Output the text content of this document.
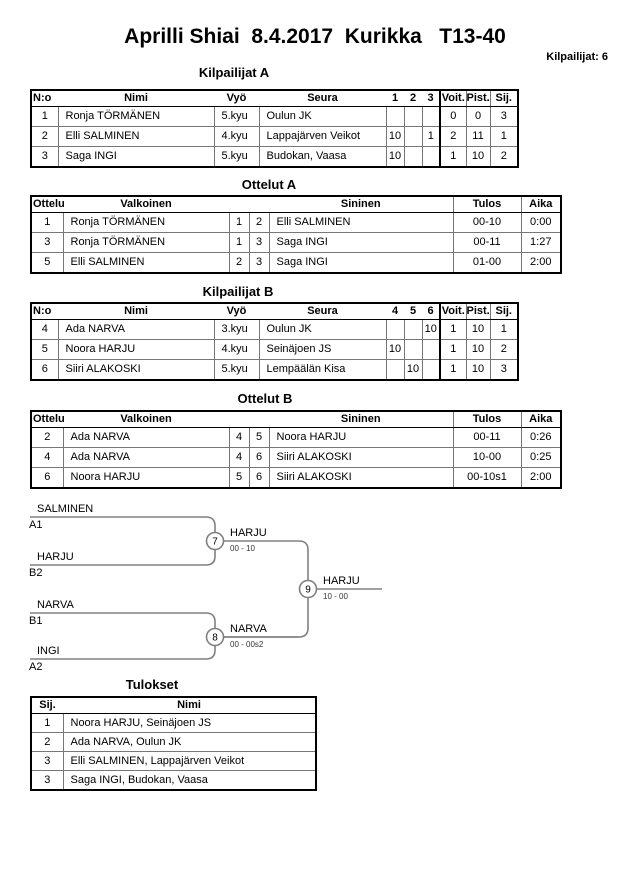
Aprilli Shiai  8.4.2017  Kurikka   T13-40
Kilpailijat: 6
Kilpailijat A
N:o	Nimi	Vyö	Seura	1	2	3	Voit.	Pist.	Sij.
1	Ronja TÖRMÄNEN	5.kyu	Oulun JK				0	0	3
2	Elli SALMINEN	4.kyu	Lappajärven Veikot	10		1	2	11	1
3	Saga INGI	5.kyu	Budokan, Vaasa	10			1	10	2
Ottelut A
Ottelu	Valkoinen			Sininen	Tulos	Aika
1	Ronja TÖRMÄNEN	1	2	Elli SALMINEN	00-10	0:00
3	Ronja TÖRMÄNEN	1	3	Saga INGI	00-11	1:27
5	Elli SALMINEN	2	3	Saga INGI	01-00	2:00
Kilpailijat B
N:o	Nimi	Vyö	Seura	4	5	6	Voit.	Pist.	Sij.
4	Ada NARVA	3.kyu	Oulun JK			10	1	10	1
5	Noora HARJU	4.kyu	Seinäjoen JS	10			1	10	2
6	Siiri ALAKOSKI	5.kyu	Lempäälän Kisa		10		1	10	3
Ottelut B
Ottelu	Valkoinen			Sininen	Tulos	Aika
2	Ada NARVA	4	5	Noora HARJU	00-11	0:26
4	Ada NARVA	4	6	Siiri ALAKOSKI	10-00	0:25
6	Noora HARJU	5	6	Siiri ALAKOSKI	00-10s1	2:00
7
8
9
SALMINEN
A1
HARJU
B2
NARVA
B1
INGI
A2
HARJU
00 - 10
NARVA
00 - 00s2
HARJU
10 - 00
Tulokset
Sij.	Nimi
1	Noora HARJU, Seinäjoen JS
2	Ada NARVA, Oulun JK
3	Elli SALMINEN, Lappajärven Veikot
3	Saga INGI, Budokan, Vaasa
